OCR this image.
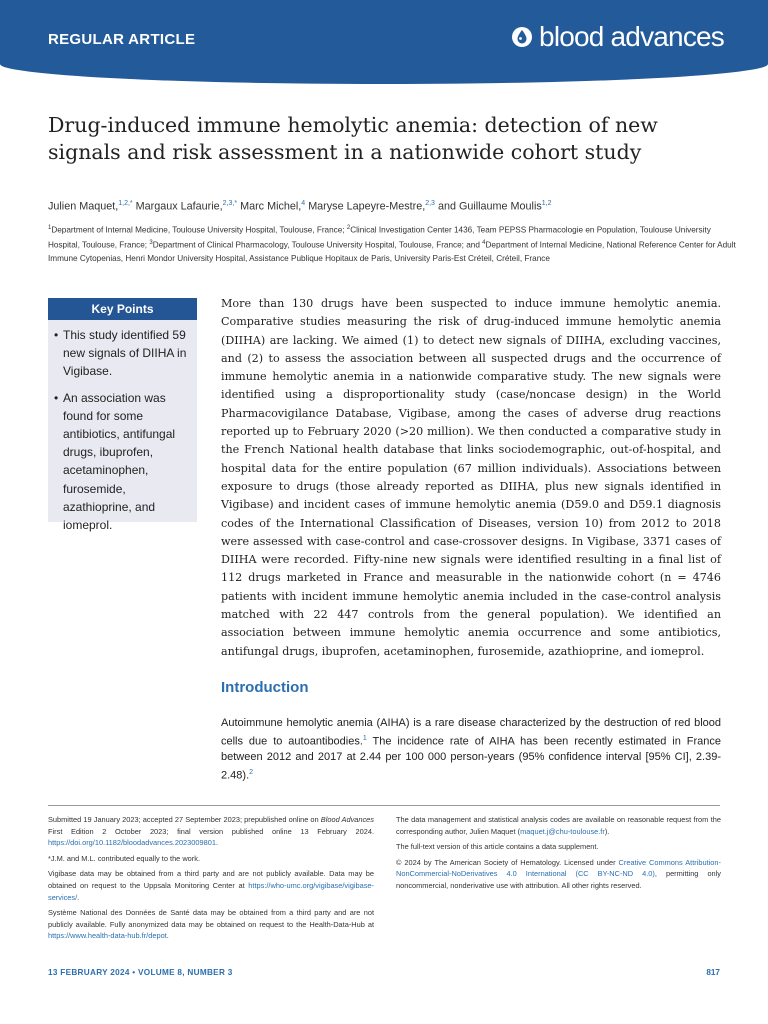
REGULAR ARTICLE	blood advances
Drug-induced immune hemolytic anemia: detection of new signals and risk assessment in a nationwide cohort study
Julien Maquet,$^{1,2,*}$ Margaux Lafaurie,$^{2,3,*}$ Marc Michel,$^4$ Maryse Lapeyre-Mestre,$^{2,3}$ and Guillaume Moulis$^{1,2}$
$^1$Department of Internal Medicine, Toulouse University Hospital, Toulouse, France; $^2$Clinical Investigation Center 1436, Team PEPSS Pharmacologie en Population, Toulouse University Hospital, Toulouse, France; $^3$Department of Clinical Pharmacology, Toulouse University Hospital, Toulouse, France; and $^4$Department of Internal Medicine, National Reference Center for Adult Immune Cytopenias, Henri Mondor University Hospital, Assistance Publique Hopitaux de Paris, University Paris-Est Créteil, Créteil, France
Key Points
• This study identified 59 new signals of DIIHA in Vigibase.
• An association was found for some antibiotics, antifungal drugs, ibuprofen, acetaminophen, furosemide, azathioprine, and iomeprol.

More than 130 drugs have been suspected to induce immune hemolytic anemia. Comparative studies measuring the risk of drug-induced immune hemolytic anemia (DIIHA) are lacking. We aimed (1) to detect new signals of DIIHA, excluding vaccines, and (2) to assess the association between all suspected drugs and the occurrence of immune hemolytic anemia in a nationwide comparative study. The new signals were identified using a disproportionality study (case/noncase design) in the World Pharmacovigilance Database, Vigibase, among the cases of adverse drug reactions reported up to February 2020 (>20 million). We then conducted a comparative study in the French National health database that links sociodemographic, out-of-hospital, and hospital data for the entire population (67 million individuals). Associations between exposure to drugs (those already reported as DIIHA, plus new signals identified in Vigibase) and incident cases of immune hemolytic anemia (D59.0 and D59.1 diagnosis codes of the International Classification of Diseases, version 10) from 2012 to 2018 were assessed with case-control and case-crossover designs. In Vigibase, 3371 cases of DIIHA were recorded. Fifty-nine new signals were identified resulting in a final list of 112 drugs marketed in France and measurable in the nationwide cohort (n = 4746 patients with incident immune hemolytic anemia included in the case-control analysis matched with 22 447 controls from the general population). We identified an association between immune hemolytic anemia occurrence and some antibiotics, antifungal drugs, ibuprofen, acetaminophen, furosemide, azathioprine, and iomeprol.

Introduction

Autoimmune hemolytic anemia (AIHA) is a rare disease characterized by the destruction of red blood cells due to autoantibodies.$^1$ The incidence rate of AIHA has been recently estimated in France between 2012 and 2017 at 2.44 per 100 000 person-years (95% confidence interval [95% CI], 2.39-2.48).$^2$

Submitted 19 January 2023; accepted 27 September 2023; prepublished online on Blood Advances First Edition 2 October 2023; final version published online 13 February 2024. https://doi.org/10.1182/bloodadvances.2023009801.

*J.M. and M.L. contributed equally to the work.

Vigibase data may be obtained from a third party and are not publicly available. Data may be obtained on request to the Uppsala Monitoring Center at https://who-umc.org/vigibase/vigibase-services/.

Système National des Données de Santé data may be obtained from a third party and are not publicly available. Fully anonymized data may be obtained on request to the Health-Data-Hub at https://www.health-data-hub.fr/depot.

The data management and statistical analysis codes are available on reasonable request from the corresponding author, Julien Maquet (maquet.j@chu-toulouse.fr).

The full-text version of this article contains a data supplement.

© 2024 by The American Society of Hematology. Licensed under Creative Commons Attribution-NonCommercial-NoDerivatives 4.0 International (CC BY-NC-ND 4.0), permitting only noncommercial, nonderivative use with attribution. All other rights reserved.

13 FEBRUARY 2024 • VOLUME 8, NUMBER 3	817
